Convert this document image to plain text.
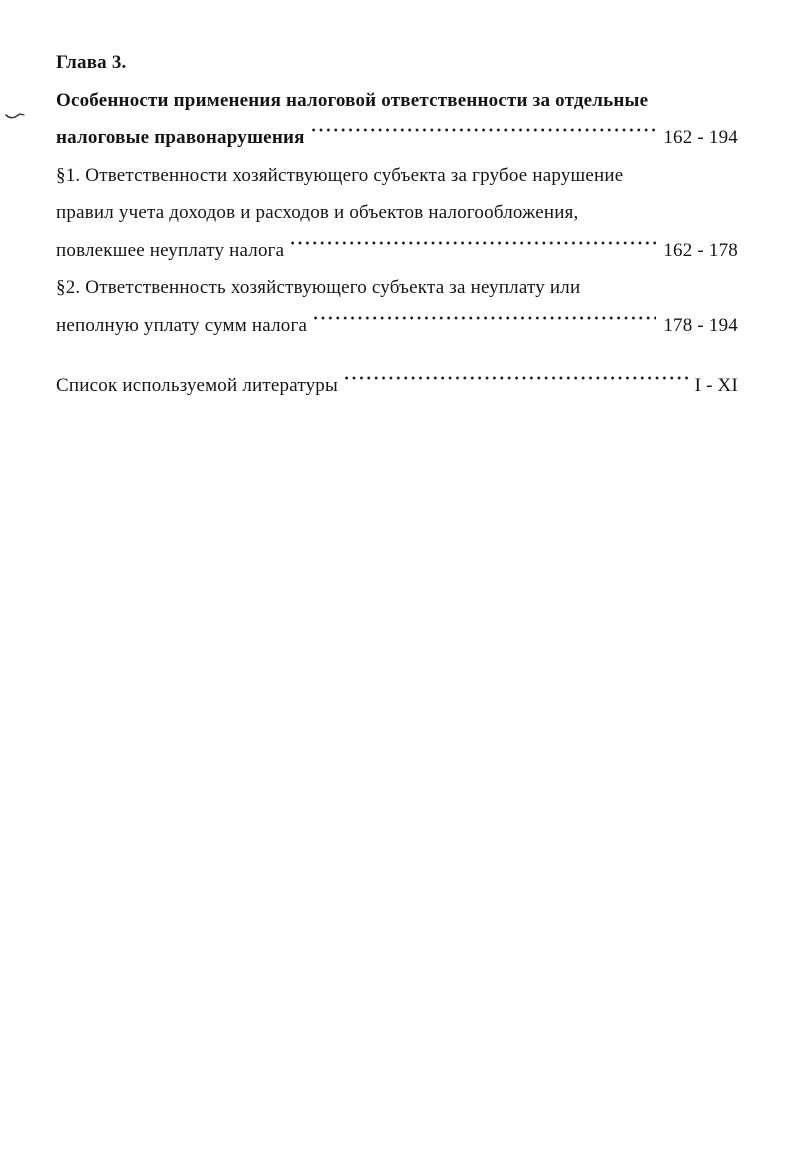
Глава 3.
Особенности применения налоговой ответственности за отдельные
налоговые правонарушения	162 - 194
§1. Ответственности хозяйствующего субъекта за грубое нарушение
правил учета доходов и расходов и объектов налогообложения,
повлекшее неуплату налога	162 - 178
§2. Ответственность хозяйствующего субъекта за неуплату или
неполную уплату сумм налога	178 - 194
Список используемой литературы	I - XI
